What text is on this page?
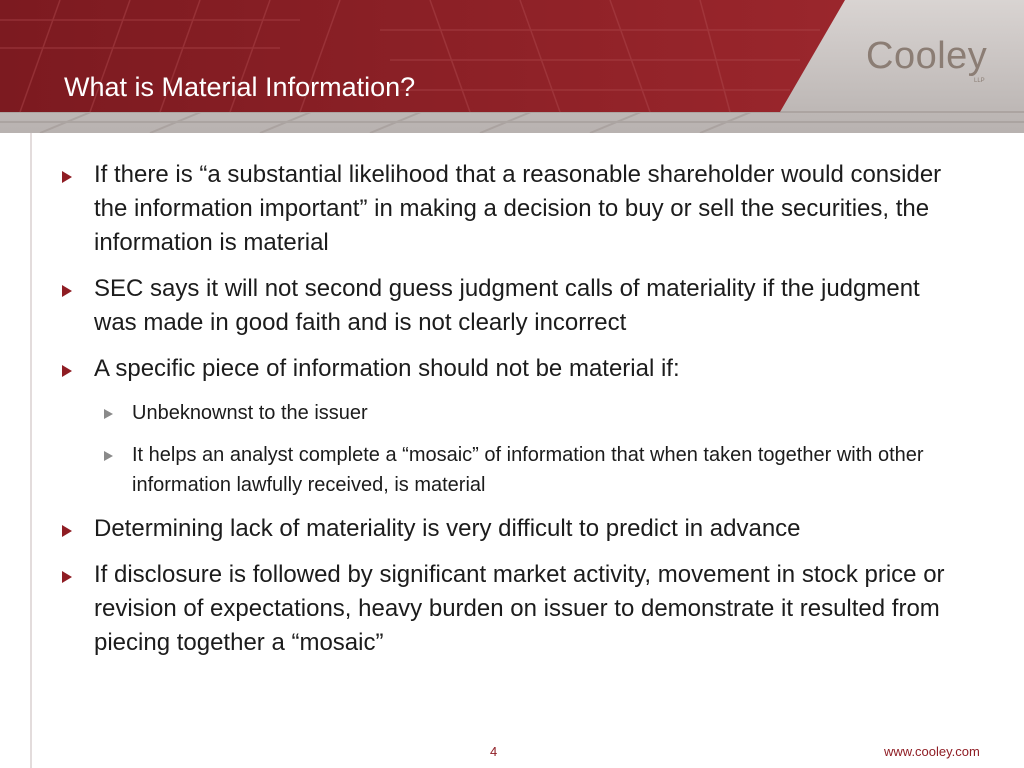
What is Material Information?
Cooley
LLP
If there is “a substantial likelihood that a reasonable shareholder would consider the information important” in making a decision to buy or sell the securities, the information is material
SEC says it will not second guess judgment calls of materiality if the judgment was made in good faith and is not clearly incorrect
A specific piece of information should not be material if:
Unbeknownst to the issuer
It helps an analyst complete a “mosaic” of information that when taken together with other information lawfully received, is material
Determining lack of materiality is very difficult to predict in advance
If disclosure is followed by significant market activity, movement in stock price or revision of expectations, heavy burden on issuer to demonstrate it resulted from piecing together a “mosaic”
4	www.cooley.com
